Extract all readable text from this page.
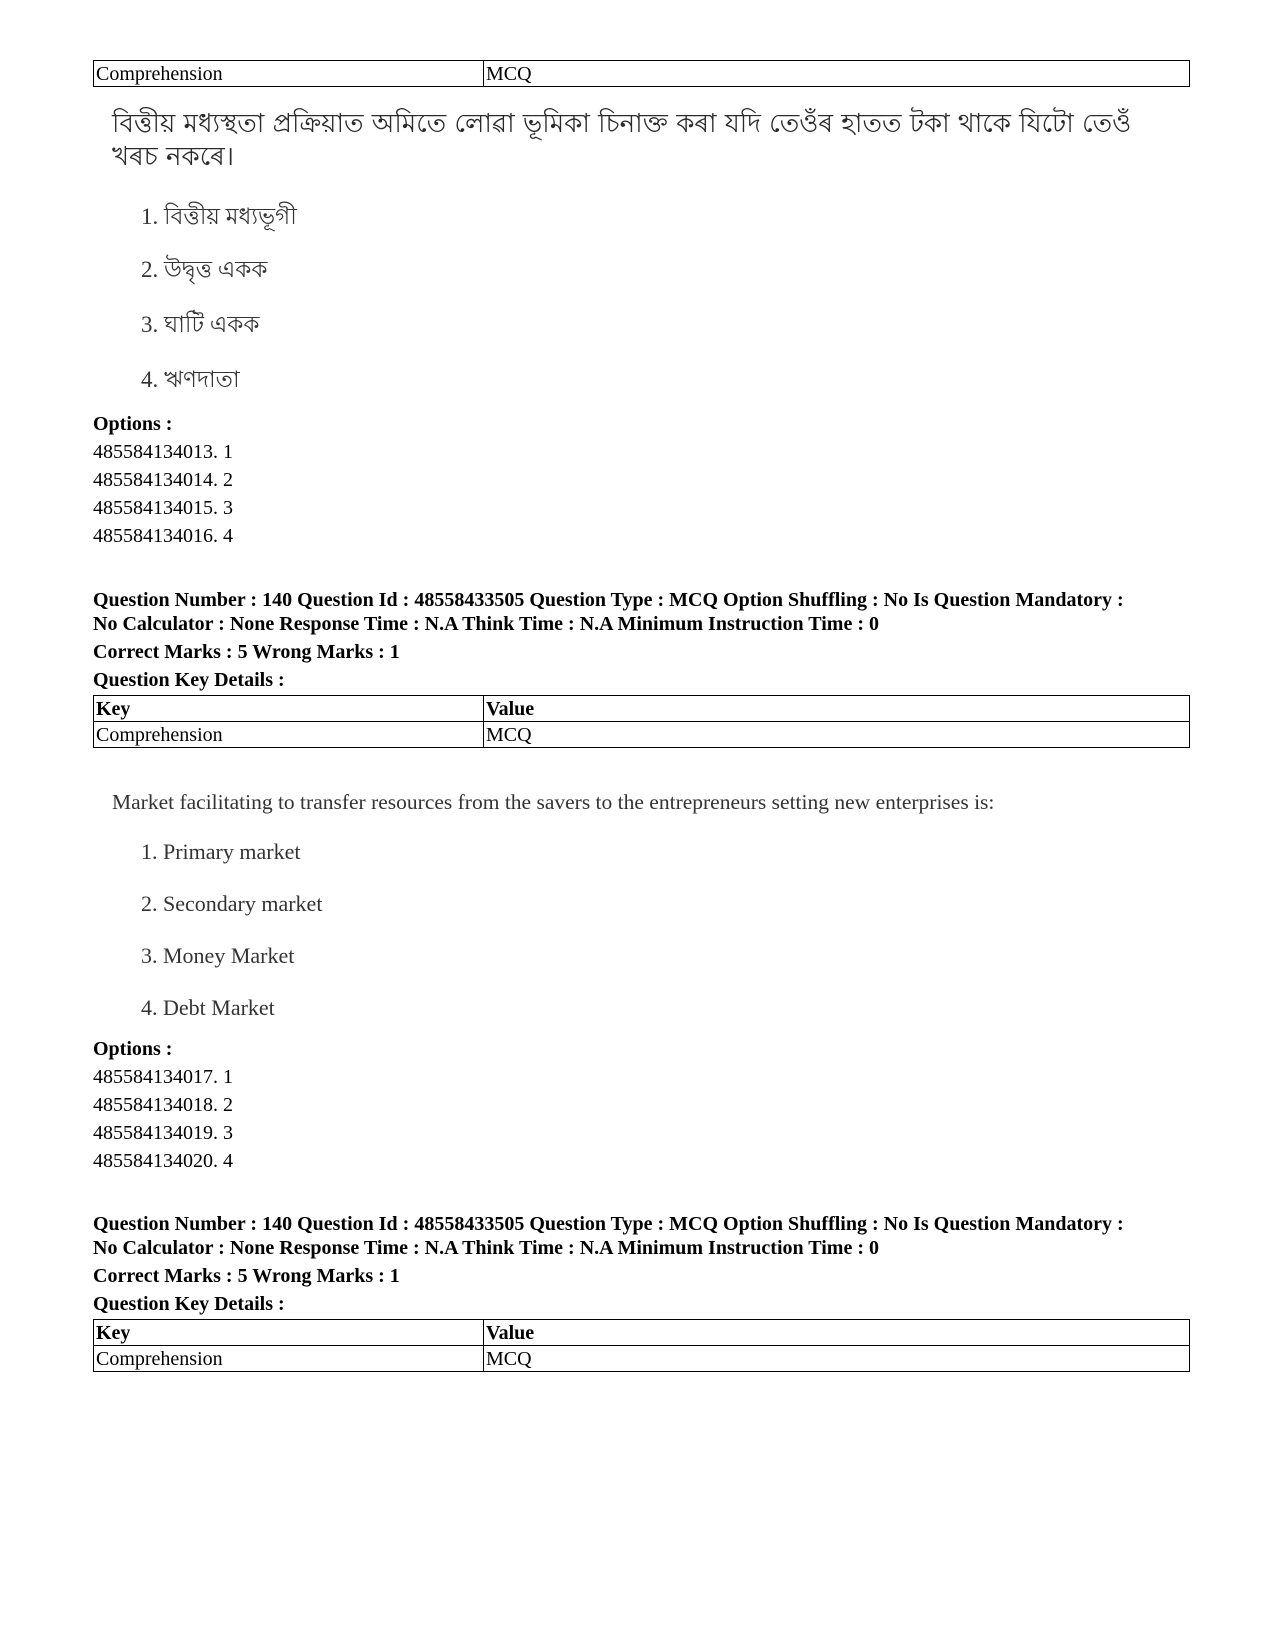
Comprehension	MCQ
বিত্তীয় মধ্যস্থতা প্ৰক্ৰিয়াত অমিতে লোৱা ভূমিকা চিনাক্ত কৰা যদি তেওঁৰ হাতত টকা থাকে যিটো তেওঁ খৰচ নকৰে।
1. বিত্তীয় মধ্যভূগী
2. উদ্বৃত্ত একক
3. ঘাটি একক
4. ঋণদাতা
Options :
485584134013. 1
485584134014. 2
485584134015. 3
485584134016. 4
Question Number : 140 Question Id : 48558433505 Question Type : MCQ Option Shuffling : No Is Question Mandatory :
No Calculator : None Response Time : N.A Think Time : N.A Minimum Instruction Time : 0
Correct Marks : 5 Wrong Marks : 1
Question Key Details :
Key	Value
Comprehension	MCQ
Market facilitating to transfer resources from the savers to the entrepreneurs setting new enterprises is:
1. Primary market
2. Secondary market
3. Money Market
4. Debt Market
Options :
485584134017. 1
485584134018. 2
485584134019. 3
485584134020. 4
Question Number : 140 Question Id : 48558433505 Question Type : MCQ Option Shuffling : No Is Question Mandatory :
No Calculator : None Response Time : N.A Think Time : N.A Minimum Instruction Time : 0
Correct Marks : 5 Wrong Marks : 1
Question Key Details :
Key	Value
Comprehension	MCQ
